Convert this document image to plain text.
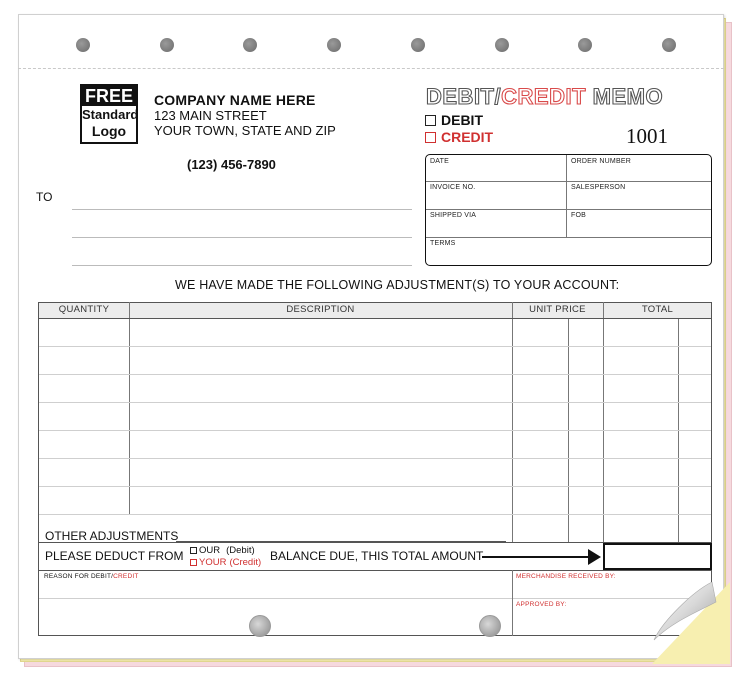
FREE
Standard
Logo
COMPANY NAME HERE
123 MAIN STREET
YOUR TOWN, STATE AND ZIP
(123) 456-7890
TO
DEBIT/CREDIT MEMO
DEBIT
CREDIT	1001
DATE	ORDER NUMBER
INVOICE NO.	SALESPERSON
SHIPPED VIA	FOB
TERMS
WE HAVE MADE THE FOLLOWING ADJUSTMENT(S) TO YOUR ACCOUNT:
QUANTITY	DESCRIPTION	UNIT PRICE	TOTAL
OTHER ADJUSTMENTS
PLEASE DEDUCT FROM OUR (Debit)
YOUR (Credit) BALANCE DUE, THIS TOTAL AMOUNT
REASON FOR DEBIT/CREDIT	MERCHANDISE RECEIVED BY:
APPROVED BY:
